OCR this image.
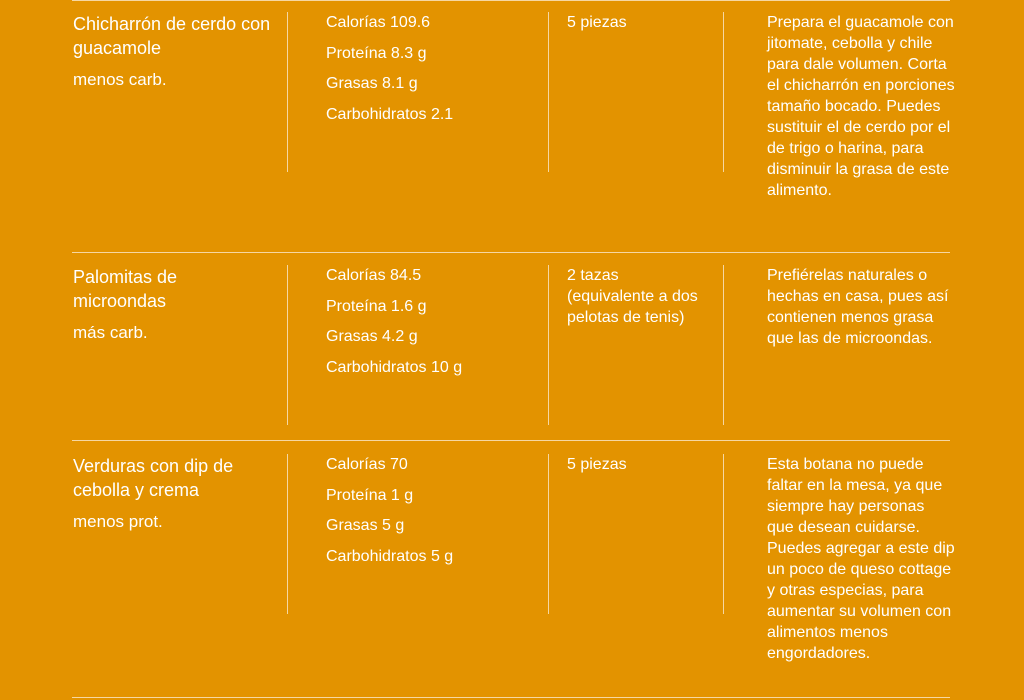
Chicharrón de cerdo con guacamole
menos carb.
Calorías 109.6
Proteína 8.3 g
Grasas 8.1 g
Carbohidratos 2.1
5 piezas	Prepara el guacamole con jitomate, cebolla y chile para dale volumen. Corta el chicharrón en porciones tamaño bocado. Puedes sustituir el de cerdo por el de trigo o harina, para disminuir la grasa de este alimento.
Palomitas de microondas
más carb.
Calorías 84.5
Proteína 1.6 g
Grasas 4.2 g
Carbohidratos 10 g
2 tazas (equivalente a dos pelotas de tenis)
Prefiérelas naturales o hechas en casa, pues así contienen menos grasa que las de microondas.
Verduras con dip de cebolla y crema
menos prot.
Calorías 70
Proteína 1 g
Grasas 5 g
Carbohidratos 5 g
5 piezas	Esta botana no puede faltar en la mesa, ya que siempre hay personas que desean cuidarse. Puedes agregar a este dip un poco de queso cottage y otras especias, para aumentar su volumen con alimentos menos engordadores.
